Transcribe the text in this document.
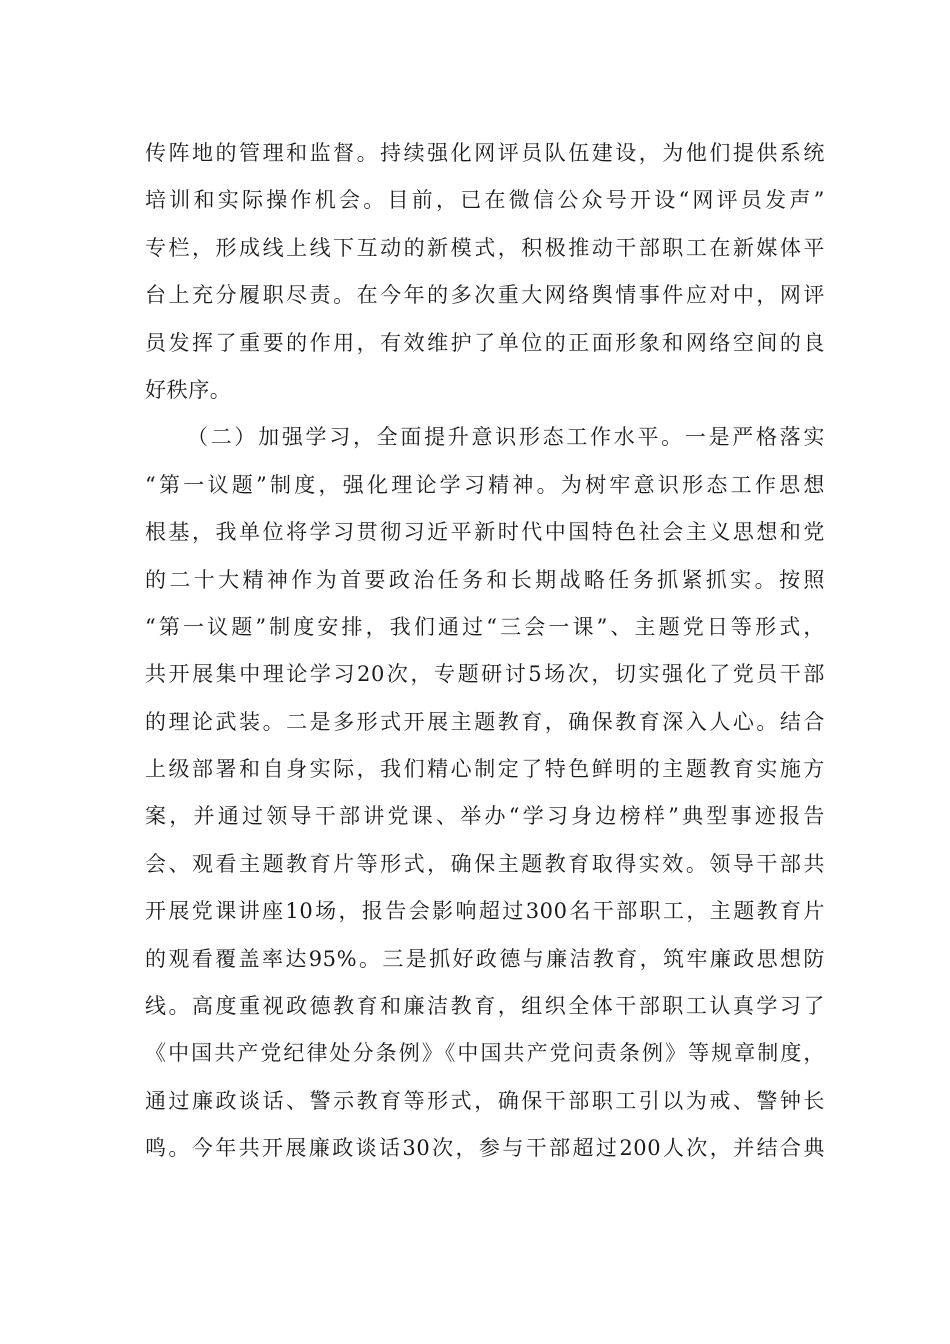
传阵地的管理和监督。持续强化网评员队伍建设，为他们提供系统
培训和实际操作机会。目前，已在微信公众号开设“网评员发声”
专栏，形成线上线下互动的新模式，积极推动干部职工在新媒体平
台上充分履职尽责。在今年的多次重大网络舆情事件应对中，网评
员发挥了重要的作用，有效维护了单位的正面形象和网络空间的良
好秩序。
（二）加强学习，全面提升意识形态工作水平。一是严格落实
“第一议题”制度，强化理论学习精神。为树牢意识形态工作思想
根基，我单位将学习贯彻习近平新时代中国特色社会主义思想和党
的二十大精神作为首要政治任务和长期战略任务抓紧抓实。按照
“第一议题”制度安排，我们通过“三会一课”、主题党日等形式，
共开展集中理论学习20次，专题研讨5场次，切实强化了党员干部
的理论武装。二是多形式开展主题教育，确保教育深入人心。结合
上级部署和自身实际，我们精心制定了特色鲜明的主题教育实施方
案，并通过领导干部讲党课、举办“学习身边榜样”典型事迹报告
会、观看主题教育片等形式，确保主题教育取得实效。领导干部共
开展党课讲座10场，报告会影响超过300名干部职工，主题教育片
的观看覆盖率达95%。三是抓好政德与廉洁教育，筑牢廉政思想防
线。高度重视政德教育和廉洁教育，组织全体干部职工认真学习了
《中国共产党纪律处分条例》《中国共产党问责条例》等规章制度，
通过廉政谈话、警示教育等形式，确保干部职工引以为戒、警钟长
鸣。今年共开展廉政谈话30次，参与干部超过200人次，并结合典
